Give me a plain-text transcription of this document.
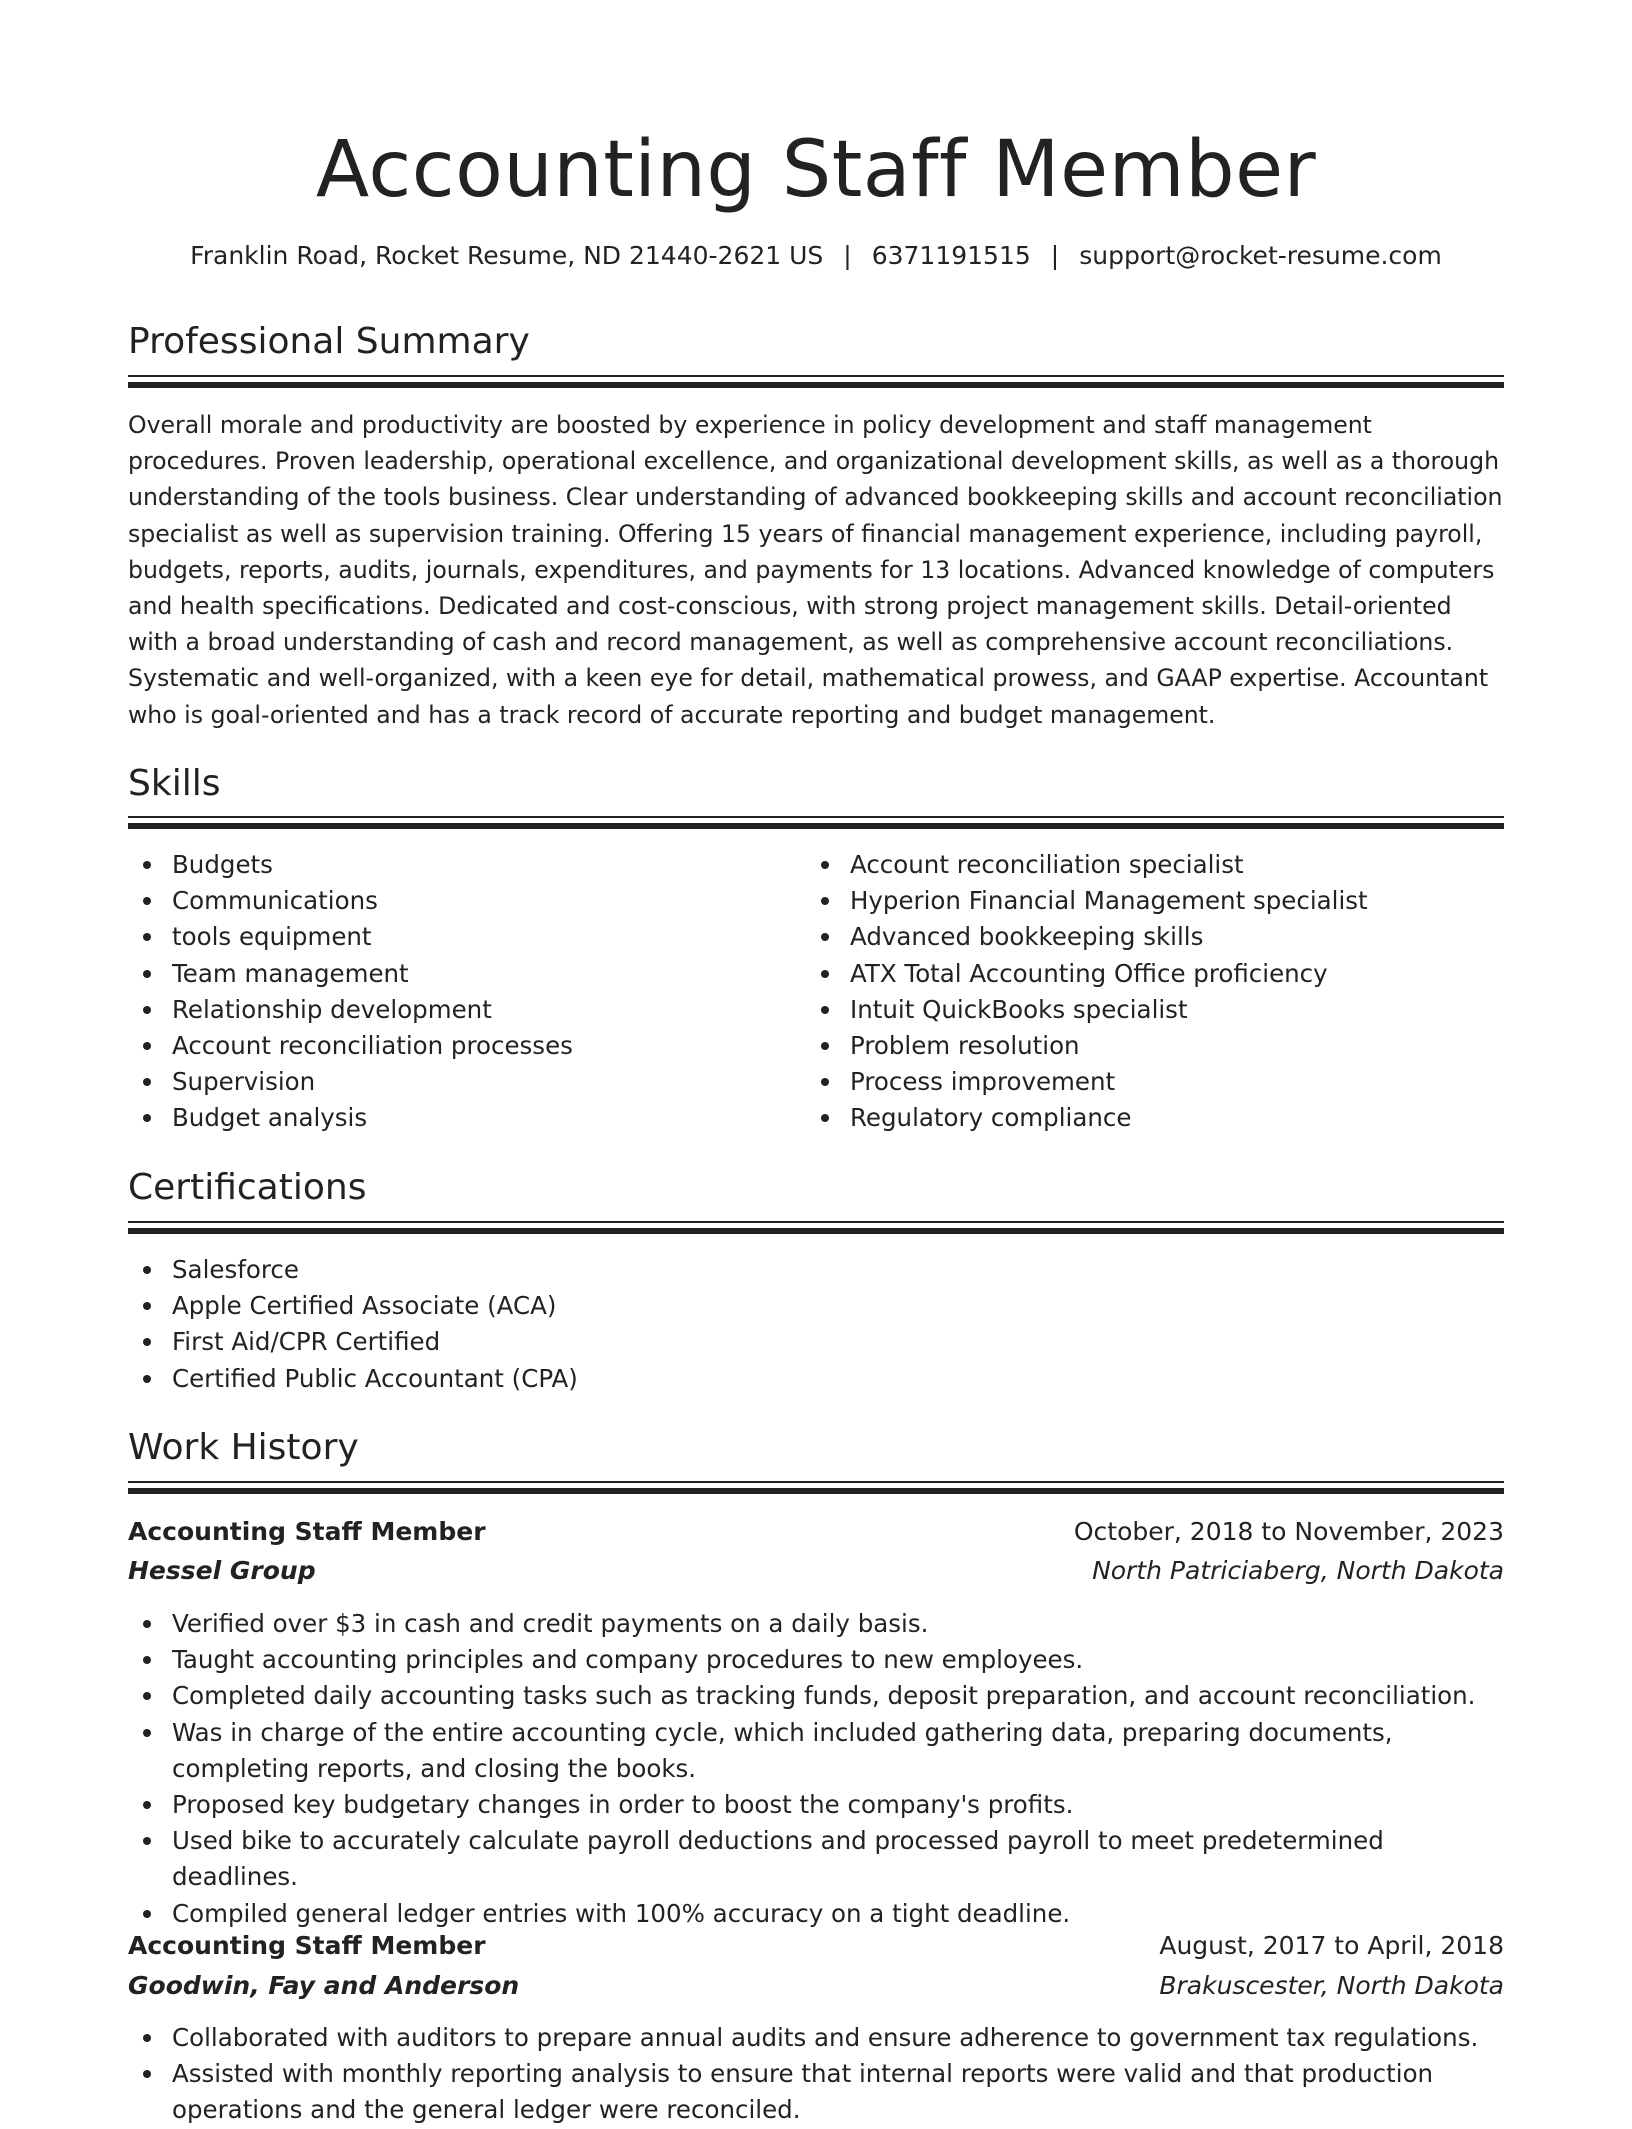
Accounting Staff Member
Franklin Road, Rocket Resume, ND 21440-2621 US | 6371191515 | support@rocket-resume.com
Professional Summary

Overall morale and productivity are boosted by experience in policy development and staff management procedures. Proven leadership, operational excellence, and organizational development skills, as well as a thorough understanding of the tools business. Clear understanding of advanced bookkeeping skills and account reconciliation specialist as well as supervision training. Offering 15 years of financial management experience, including payroll, budgets, reports, audits, journals, expenditures, and payments for 13 locations. Advanced knowledge of computers and health specifications. Dedicated and cost-conscious, with strong project management skills. Detail-oriented with a broad understanding of cash and record management, as well as comprehensive account reconciliations. Systematic and well-organized, with a keen eye for detail, mathematical prowess, and GAAP expertise. Accountant who is goal-oriented and has a track record of accurate reporting and budget management.

Skills
Budgets
Communications
tools equipment
Team management
Relationship development
Account reconciliation processes
Supervision
Budget analysis
Account reconciliation specialist
Hyperion Financial Management specialist
Advanced bookkeeping skills
ATX Total Accounting Office proficiency
Intuit QuickBooks specialist
Problem resolution
Process improvement
Regulatory compliance
Certifications
Salesforce
Apple Certified Associate (ACA)
First Aid/CPR Certified
Certified Public Accountant (CPA)
Work History
Accounting Staff Member	October, 2018 to November, 2023
Hessel Group	North Patriciaberg, North Dakota
Verified over $3 in cash and credit payments on a daily basis.
Taught accounting principles and company procedures to new employees.
Completed daily accounting tasks such as tracking funds, deposit preparation, and account reconciliation.
Was in charge of the entire accounting cycle, which included gathering data, preparing documents, completing reports, and closing the books.
Proposed key budgetary changes in order to boost the company's profits.
Used bike to accurately calculate payroll deductions and processed payroll to meet predetermined deadlines.
Compiled general ledger entries with 100% accuracy on a tight deadline.
Accounting Staff Member	August, 2017 to April, 2018
Goodwin, Fay and Anderson	Brakuscester, North Dakota
Collaborated with auditors to prepare annual audits and ensure adherence to government tax regulations.
Assisted with monthly reporting analysis to ensure that internal reports were valid and that production operations and the general ledger were reconciled.
